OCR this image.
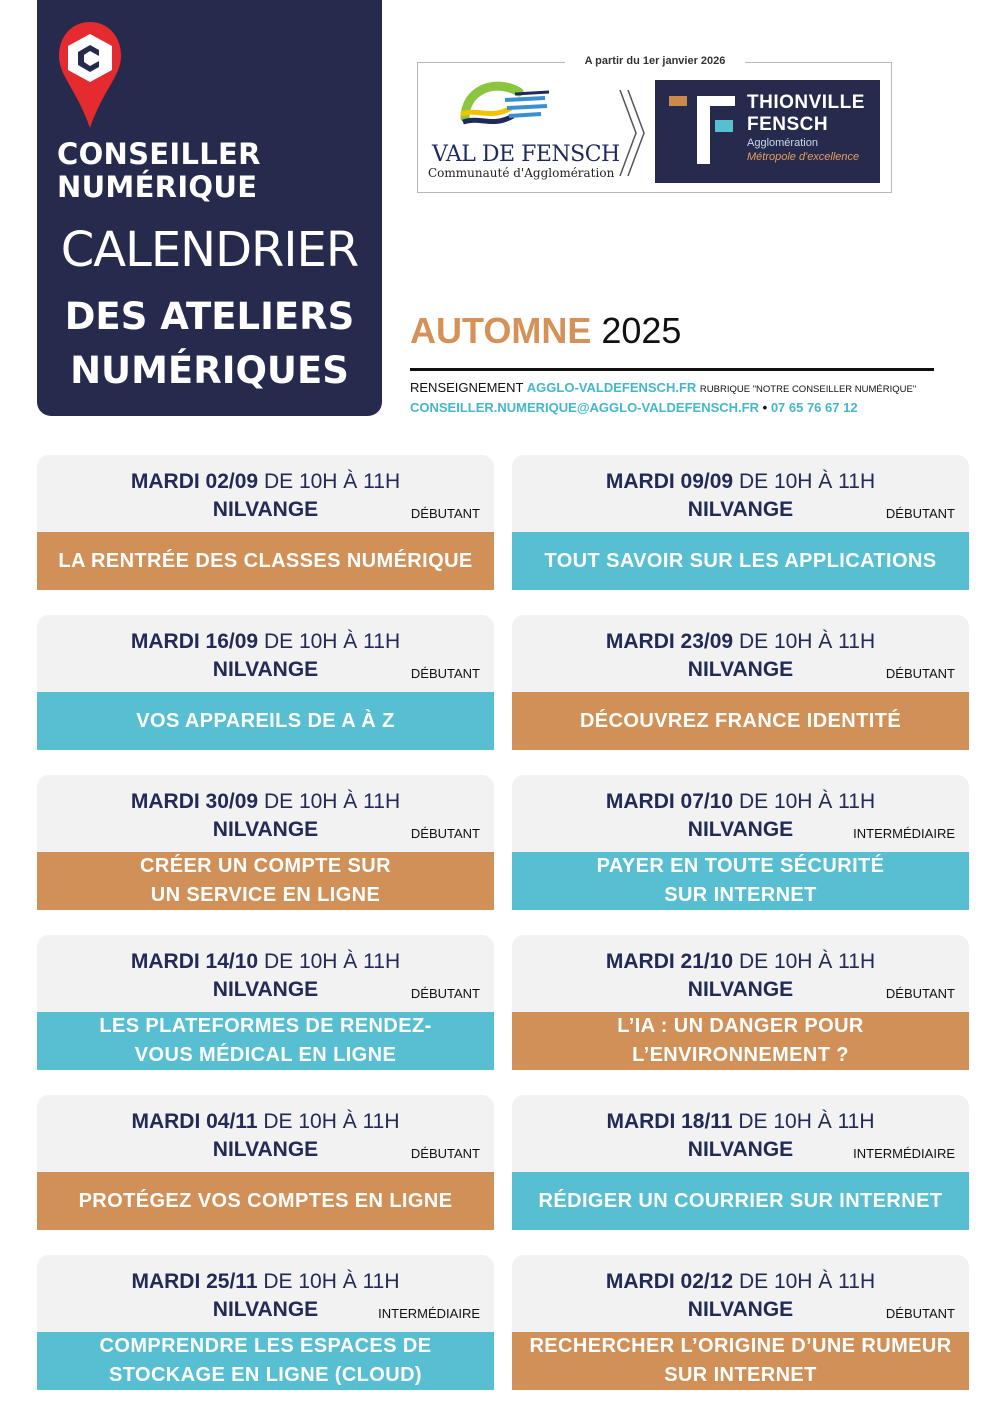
CONSEILLER
NUMÉRIQUE
CALENDRIER
DES ATELIERS
NUMÉRIQUES
A partir du 1er janvier 2026
VAL DE FENSCH
Communauté d'Agglomération
THIONVILLE
FENSCH
Agglomération
Métropole d'excellence
AUTOMNE 2025
RENSEIGNEMENT AGGLO-VALDEFENSCH.FR RUBRIQUE "NOTRE CONSEILLER NUMÉRIQUE"
CONSEILLER.NUMERIQUE@AGGLO-VALDEFENSCH.FR • 07 65 76 67 12
MARDI 02/09 DE 10H À 11H
NILVANGE	DÉBUTANT
LA RENTRÉE DES CLASSES NUMÉRIQUE
MARDI 09/09 DE 10H À 11H
NILVANGE	DÉBUTANT
TOUT SAVOIR SUR LES APPLICATIONS
MARDI 16/09 DE 10H À 11H
NILVANGE	DÉBUTANT
VOS APPAREILS DE A À Z
MARDI 23/09 DE 10H À 11H
NILVANGE	DÉBUTANT
DÉCOUVREZ FRANCE IDENTITÉ
MARDI 30/09 DE 10H À 11H
NILVANGE	DÉBUTANT
CRÉER UN COMPTE SUR
UN SERVICE EN LIGNE
MARDI 07/10 DE 10H À 11H
NILVANGE	INTERMÉDIAIRE
PAYER EN TOUTE SÉCURITÉ
SUR INTERNET
MARDI 14/10 DE 10H À 11H
NILVANGE	DÉBUTANT
LES PLATEFORMES DE RENDEZ-
VOUS MÉDICAL EN LIGNE
MARDI 21/10 DE 10H À 11H
NILVANGE	DÉBUTANT
L’IA : UN DANGER POUR
L’ENVIRONNEMENT ?
MARDI 04/11 DE 10H À 11H
NILVANGE	DÉBUTANT
PROTÉGEZ VOS COMPTES EN LIGNE
MARDI 18/11 DE 10H À 11H
NILVANGE	INTERMÉDIAIRE
RÉDIGER UN COURRIER SUR INTERNET
MARDI 25/11 DE 10H À 11H
NILVANGE	INTERMÉDIAIRE
COMPRENDRE LES ESPACES DE
STOCKAGE EN LIGNE (CLOUD)
MARDI 02/12 DE 10H À 11H
NILVANGE	DÉBUTANT
RECHERCHER L’ORIGINE D’UNE RUMEUR
SUR INTERNET
